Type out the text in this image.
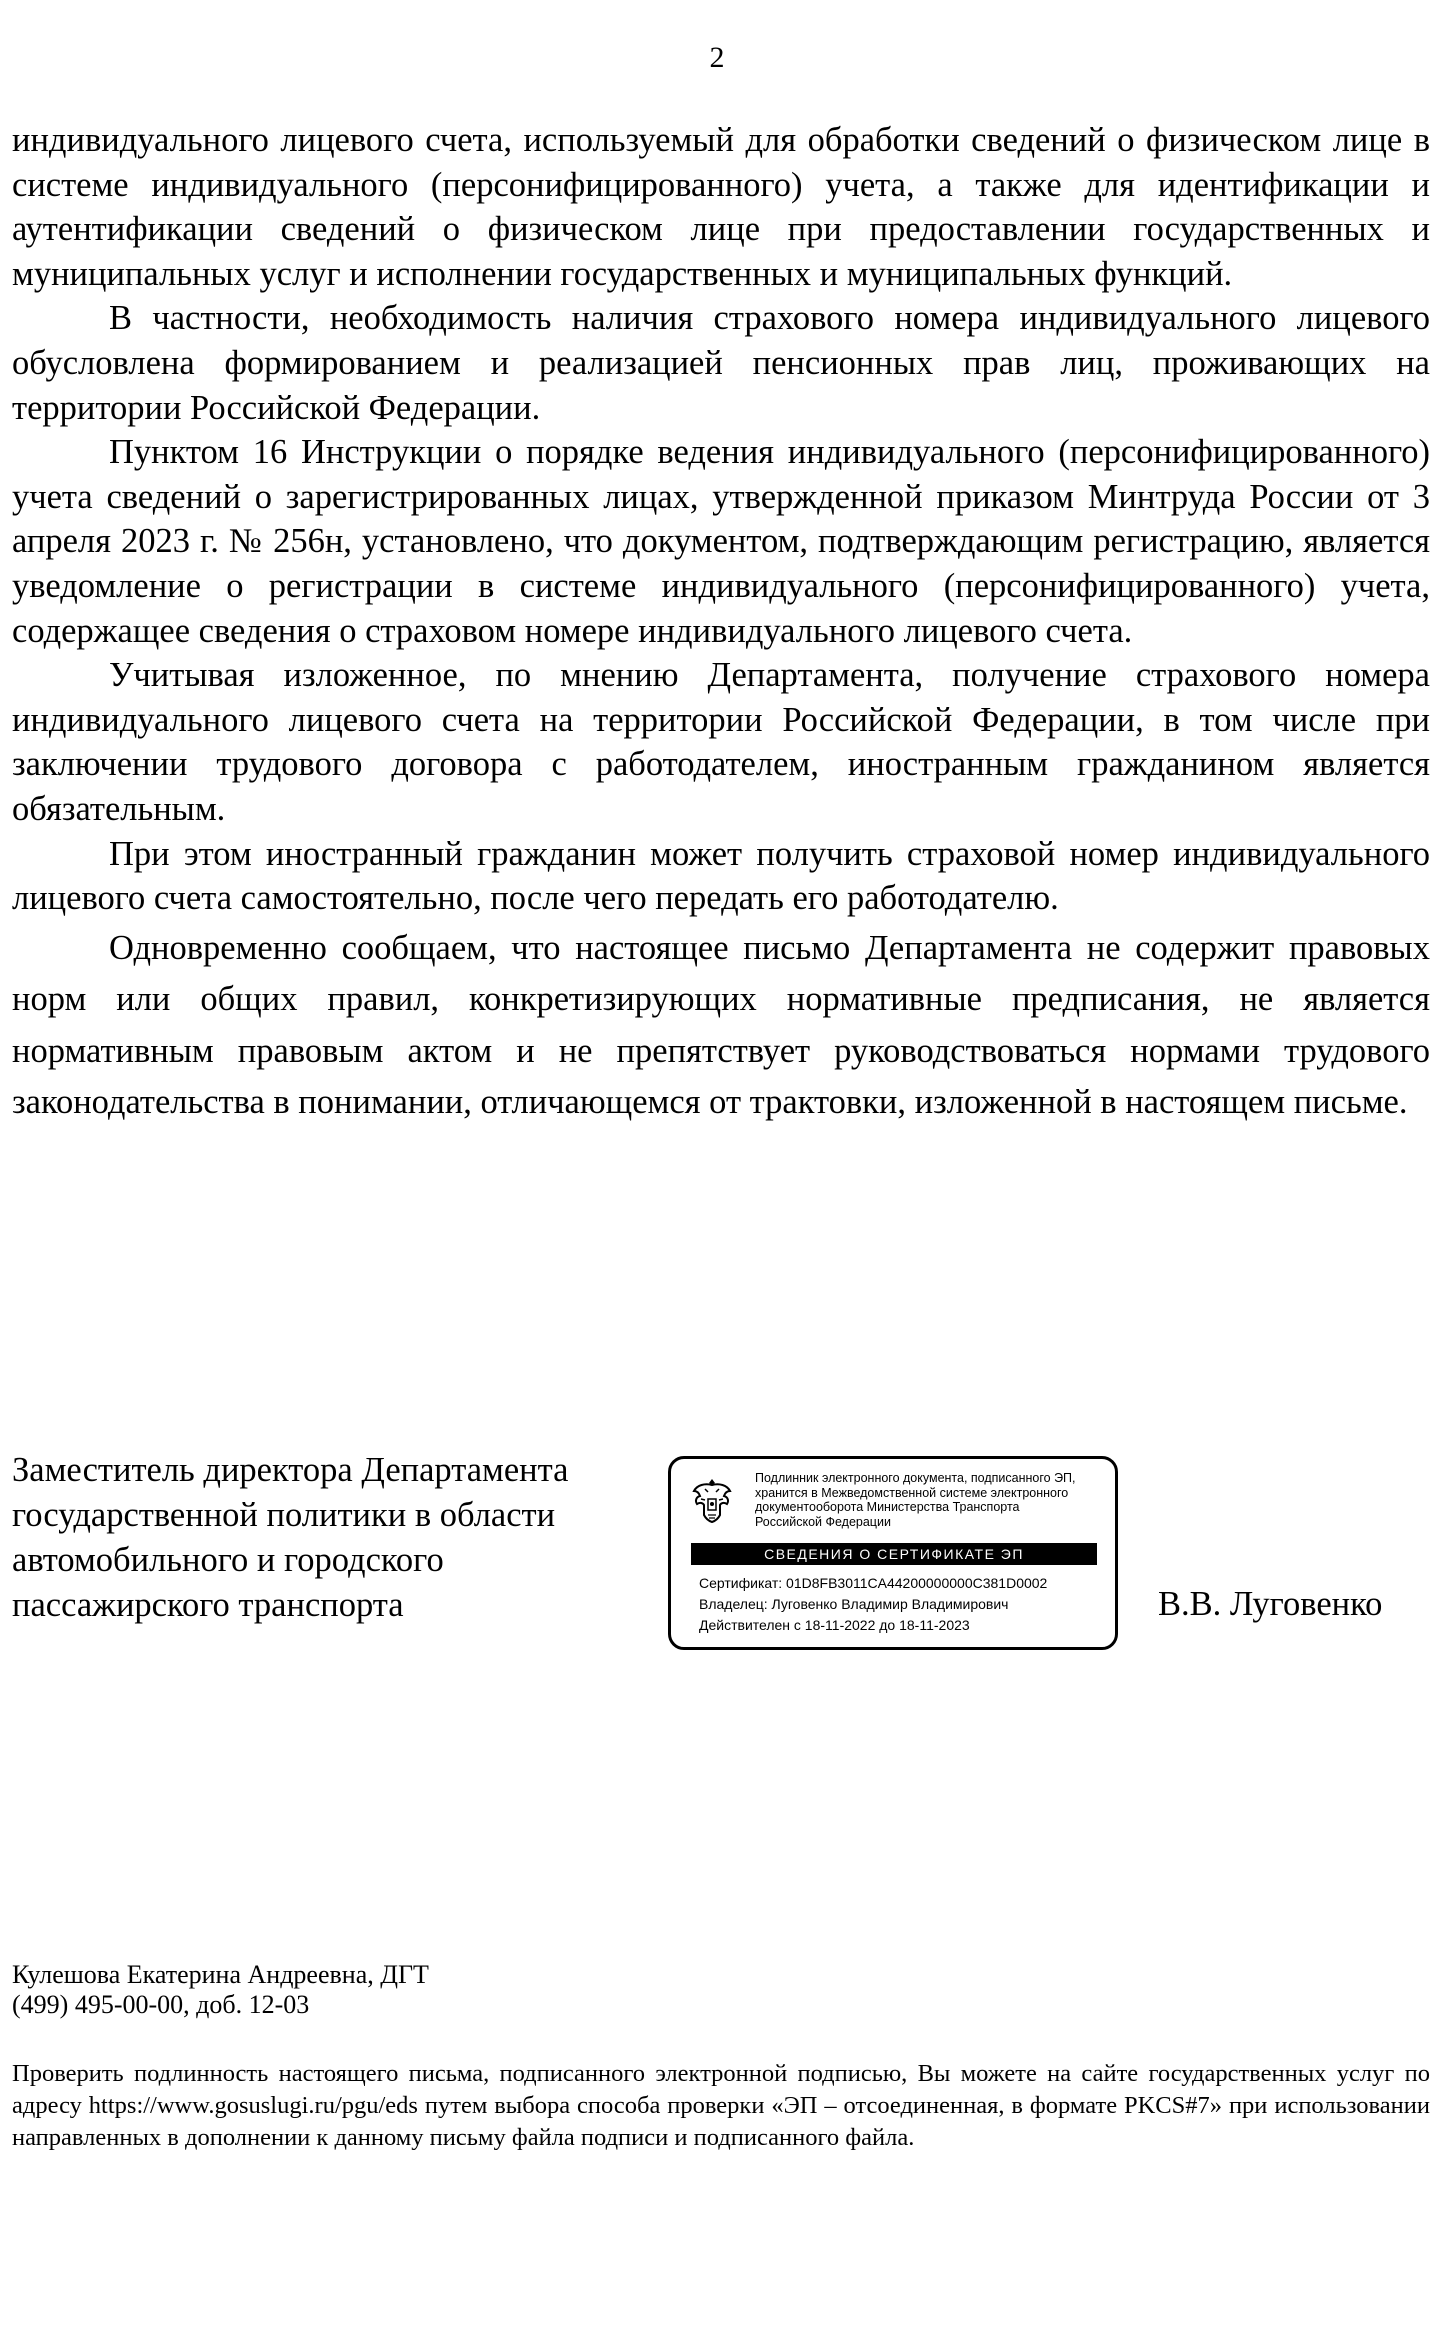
2

индивидуального лицевого счета, используемый для обработки сведений о физическом лице в системе индивидуального (персонифицированного) учета, а также для идентификации и аутентификации сведений о физическом лице при предоставлении государственных и муниципальных услуг и исполнении государственных и муниципальных функций.

В частности, необходимость наличия страхового номера индивидуального лицевого обусловлена формированием и реализацией пенсионных прав лиц, проживающих на территории Российской Федерации.

Пунктом 16 Инструкции о порядке ведения индивидуального (персонифицированного) учета сведений о зарегистрированных лицах, утвержденной приказом Минтруда России от 3 апреля 2023 г. № 256н, установлено, что документом, подтверждающим регистрацию, является уведомление о регистрации в системе индивидуального (персонифицированного) учета, содержащее сведения о страховом номере индивидуального лицевого счета.

Учитывая изложенное, по мнению Департамента, получение страхового номера индивидуального лицевого счета на территории Российской Федерации, в том числе при заключении трудового договора с работодателем, иностранным гражданином является обязательным.

При этом иностранный гражданин может получить страховой номер индивидуального лицевого счета самостоятельно, после чего передать его работодателю.

Одновременно сообщаем, что настоящее письмо Департамента не содержит правовых норм или общих правил, конкретизирующих нормативные предписания, не является нормативным правовым актом и не препятствует руководствоваться нормами трудового законодательства в понимании, отличающемся от трактовки, изложенной в настоящем письме.

Заместитель директора Департамента
государственной политики в области
автомобильного и городского
пассажирского транспорта
Подлинник электронного документа, подписанного ЭП,
хранится в Межведомственной системе электронного
документооборота Министерства Транспорта
Российской Федерации
СВЕДЕНИЯ О СЕРТИФИКАТЕ ЭП
Сертификат: 01D8FB3011CA44200000000C381D0002
Владелец: Луговенко Владимир Владимирович
Действителен с 18-11-2022 до 18-11-2023
В.В. Луговенко
Кулешова Екатерина Андреевна, ДГТ
(499) 495-00-00, доб. 12-03
Проверить подлинность настоящего письма, подписанного электронной подписью, Вы можете на сайте государственных услуг по адресу https://www.gosuslugi.ru/pgu/eds путем выбора способа проверки «ЭП – отсоединенная, в формате PKCS#7» при использовании направленных в дополнении к данному письму файла подписи и подписанного файла.
